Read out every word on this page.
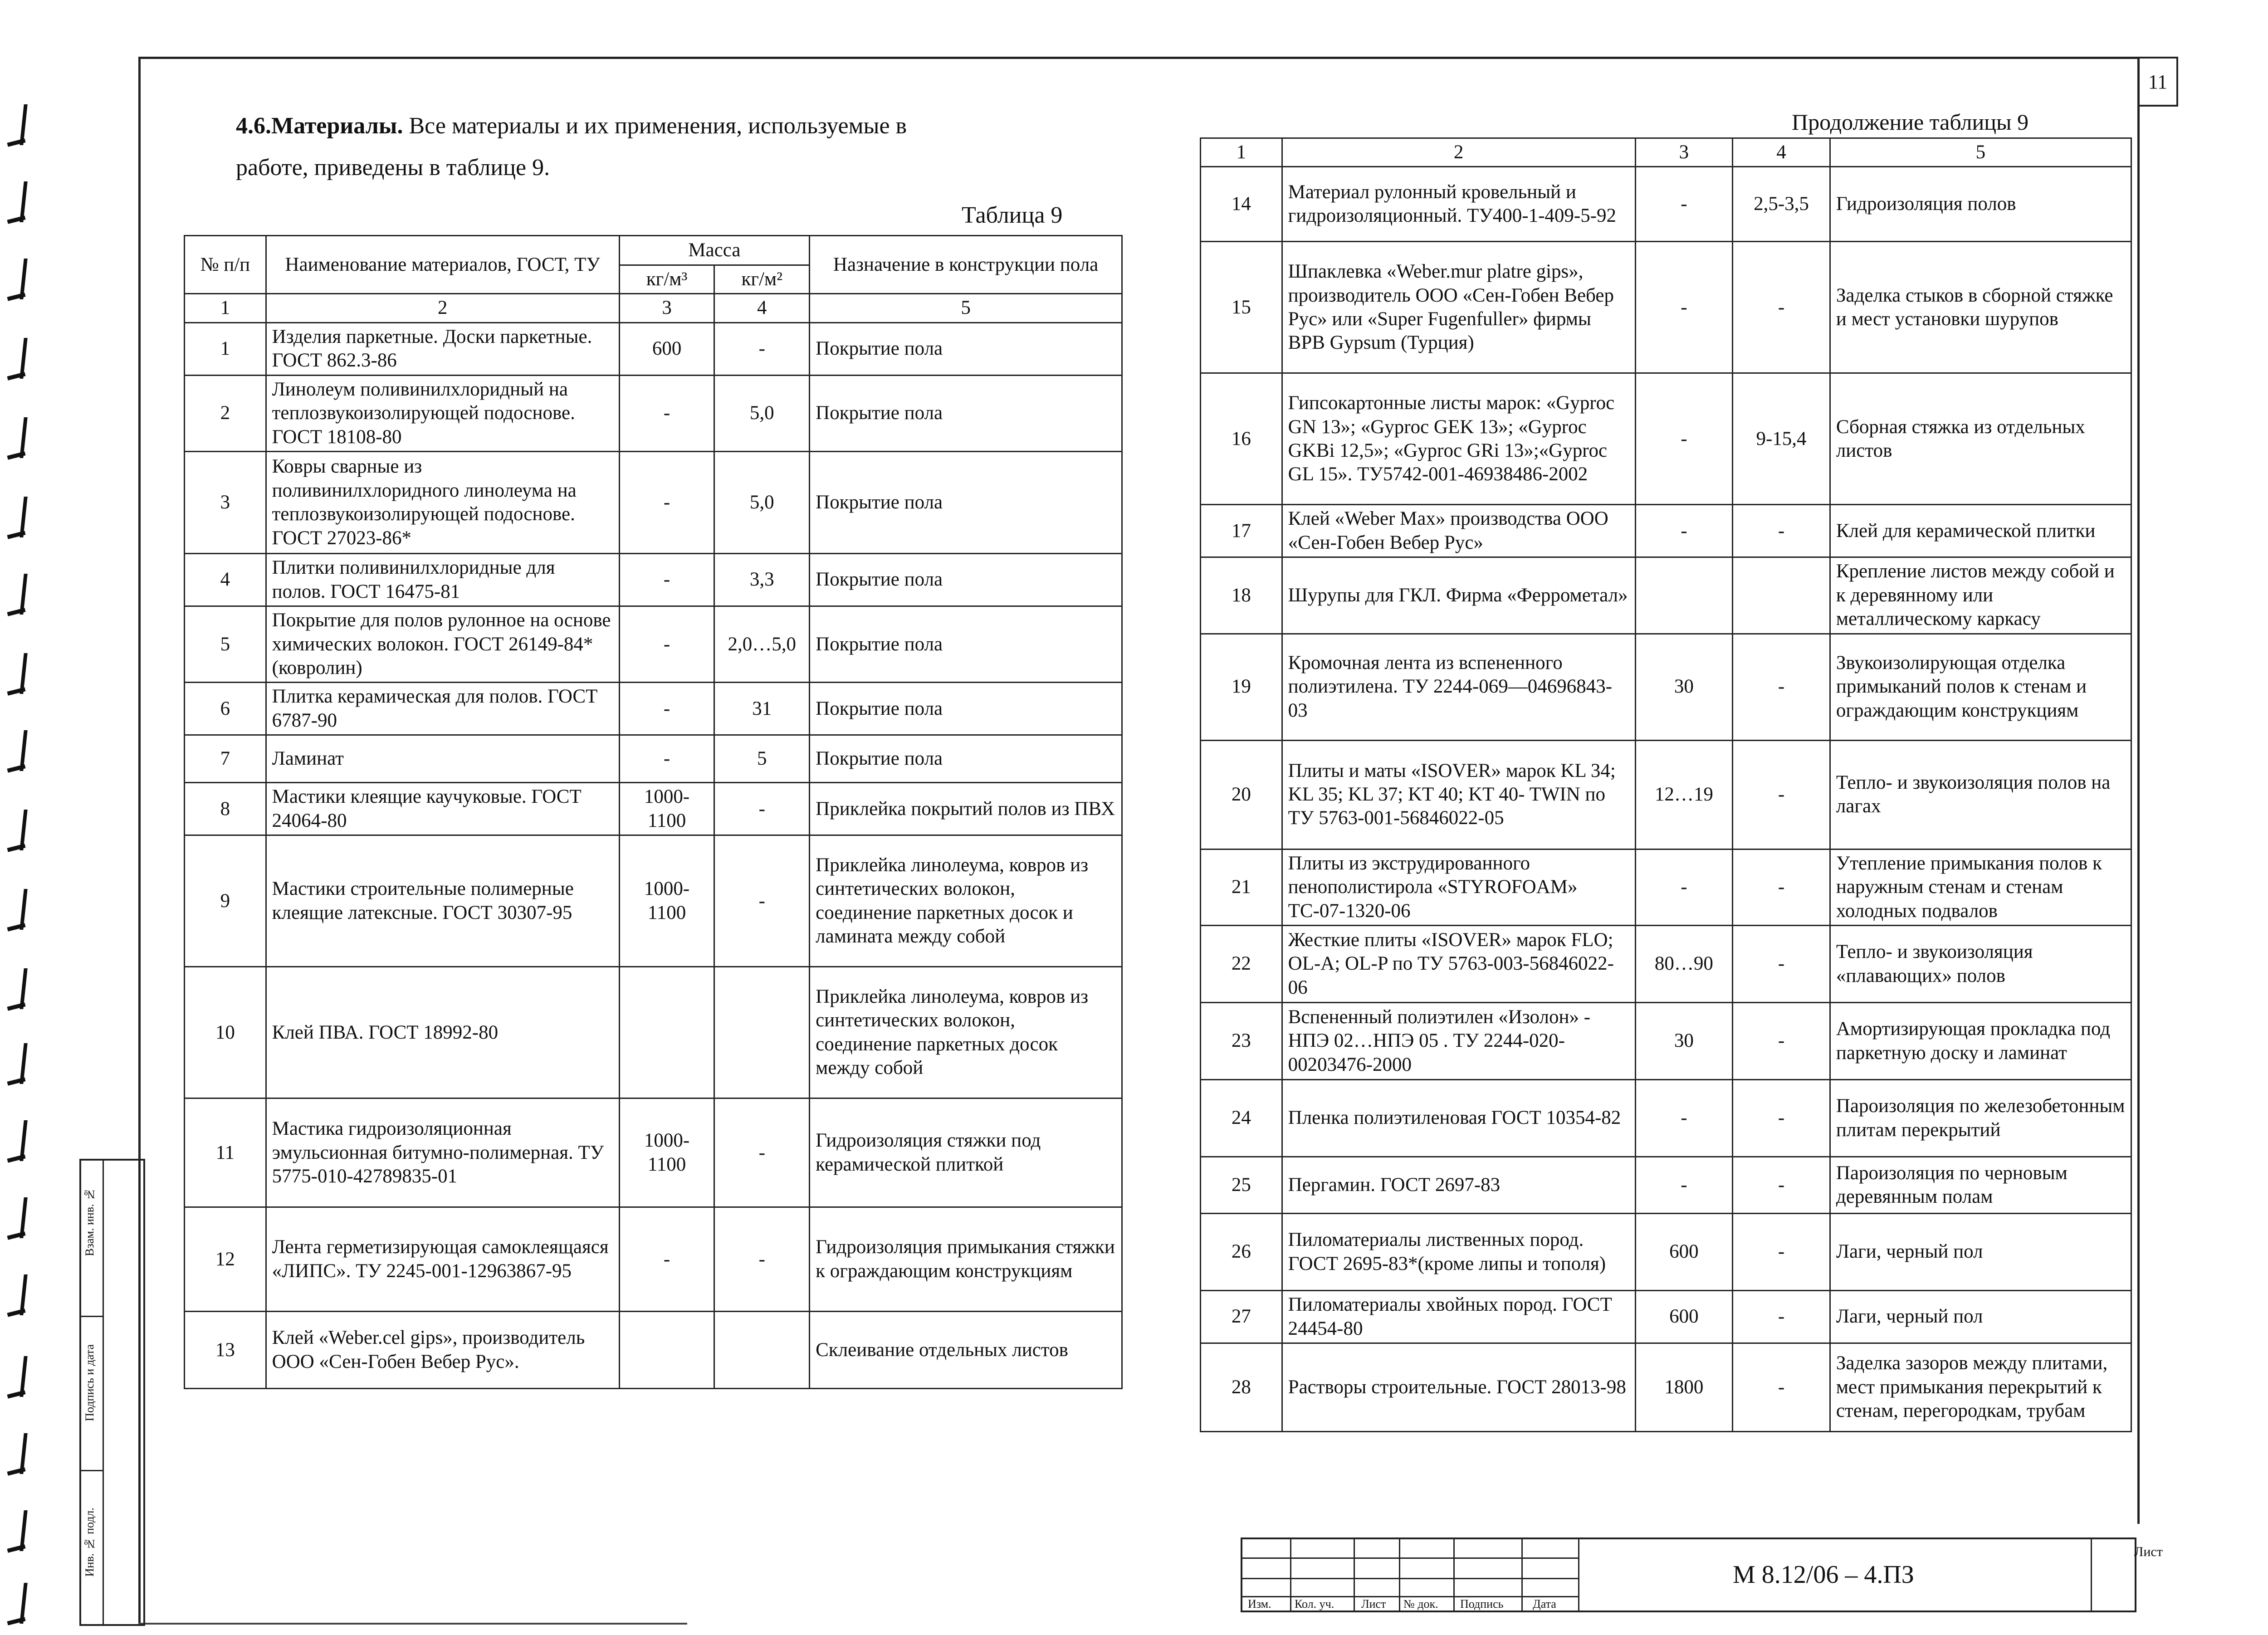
11
Взам. инв. №
Подпись и дата
Инв. № подл.
4.6.Материалы. Все материалы и их применения, используемые в
работе, приведены в таблице 9.
Таблица 9
Продолжение таблицы 9
№ п/п	Наименование материалов, ГОСТ, ТУ	Масса		Назначение в конструкции пола
		кг/м³	кг/м²	
1	2	3	4	5
1	Изделия паркетные. Доски паркетные. ГОСТ 862.3-86	600	-	Покрытие пола
2	Линолеум поливинилхлоридный на теплозвукоизолирующей подоснове. ГОСТ 18108-80	-	5,0	Покрытие пола
3	Ковры сварные из поливинилхлоридного линолеума на теплозвукоизолирующей подоснове. ГОСТ 27023-86*	-	5,0	Покрытие пола
4	Плитки поливинилхлоридные для полов. ГОСТ 16475-81	-	3,3	Покрытие пола
5	Покрытие для полов рулонное на основе химических волокон. ГОСТ 26149-84* (ковролин)	-	2,0…5,0	Покрытие пола
6	Плитка керамическая для полов. ГОСТ 6787-90	-	31	Покрытие пола
7	Ламинат	-	5	Покрытие пола
8	Мастики клеящие каучуковые. ГОСТ 24064-80	1000-1100	-	Приклейка покрытий полов из ПВХ
9	Мастики строительные полимерные клеящие латексные. ГОСТ 30307-95	1000-1100	-	Приклейка линолеума, ковров из синтетических волокон, соединение паркетных досок и ламината между собой
10	Клей ПВА. ГОСТ 18992-80			Приклейка линолеума, ковров из синтетических волокон, соединение паркетных досок между собой
11	Мастика гидроизоляционная эмульсионная битумно-полимерная. ТУ 5775-010-42789835-01	1000-1100	-	Гидроизоляция стяжки под керамической плиткой
12	Лента герметизирующая самоклеящаяся «ЛИПС». ТУ 2245-001-12963867-95	-	-	Гидроизоляция примыкания стяжки к ограждающим конструкциям
13	Клей «Weber.cel gips», производитель ООО «Сен-Гобен Вебер Рус».			Склеивание отдельных листов
1	2	3	4	5
14	Материал рулонный кровельный и гидроизоляционный. ТУ400-1-409-5-92	-	2,5-3,5	Гидроизоляция полов
15	Шпаклевка «Weber.mur platre gips», производитель ООО «Сен-Гобен Вебер Рус» или «Super Fugenfuller» фирмы BPB Gypsum (Турция)	-	-	Заделка стыков в сборной стяжке и мест установки шурупов
16	Гипсокартонные листы марок: «Gyproc GN 13»; «Gyproc GEK 13»; «Gyproc GKBi 12,5»; «Gyproc GRi 13»;«Gyproc GL 15». ТУ5742-001-46938486-2002	-	9-15,4	Сборная стяжка из отдельных листов
17	Клей «Weber Max» производства ООО «Сен-Гобен Вебер Рус»	-	-	Клей для керамической плитки
18	Шурупы для ГКЛ. Фирма «Феррометал»			Крепление листов между собой и к деревянному или металлическому каркасу
19	Кромочная лента из вспененного полиэтилена. ТУ 2244-069—04696843-03	30	-	Звукоизолирующая отделка примыканий полов к стенам и ограждающим конструкциям
20	Плиты и маты «ISOVER» марок KL 34; KL 35; KL 37; KT 40; KT 40- TWIN по ТУ 5763-001-56846022-05	12…19	-	Тепло- и звукоизоляция полов на лагах
21	Плиты из экструдированного пенополистирола «STYROFOAM» ТС-07-1320-06	-	-	Утепление примыкания полов к наружным стенам и стенам холодных подвалов
22	Жесткие плиты «ISOVER» марок FLO; OL-A; OL-P по ТУ 5763-003-56846022-06	80…90	-	Тепло- и звукоизоляция «плавающих» полов
23	Вспененный полиэтилен «Изолон» - НПЭ 02…НПЭ 05 . ТУ 2244-020-00203476-2000	30	-	Амортизирующая прокладка под паркетную доску и ламинат
24	Пленка полиэтиленовая ГОСТ 10354-82	-	-	Пароизоляция по железобетонным плитам перекрытий
25	Пергамин. ГОСТ 2697-83	-	-	Пароизоляция по черновым деревянным полам
26	Пиломатериалы лиственных пород. ГОСТ 2695-83*(кроме липы и тополя)	600	-	Лаги, черный пол
27	Пиломатериалы хвойных пород. ГОСТ 24454-80	600	-	Лаги, черный пол
28	Растворы строительные. ГОСТ 28013-98	1800	-	Заделка зазоров между плитами, мест примыкания перекрытий к стенам, перегородкам, трубам
Изм. Кол. уч. Лист № док. Подпись Дата
М 8.12/06 – 4.ПЗ
Лист
